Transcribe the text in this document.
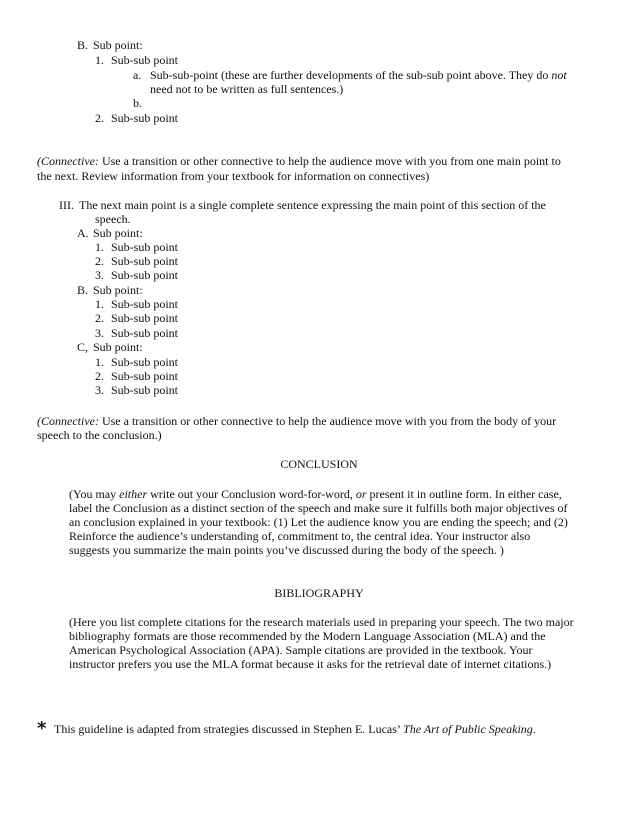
B. Sub point:
1. Sub-sub point
a. Sub-sub-point (these are further developments of the sub-sub point above. They do not
need not to be written as full sentences.)
b.
2. Sub-sub point
(Connective: Use a transition or other connective to help the audience move with you from one main point to
the next. Review information from your textbook for information on connectives)
III. The next main point is a single complete sentence expressing the main point of this section of the
speech.
A. Sub point:
1. Sub-sub point
2. Sub-sub point
3. Sub-sub point
B. Sub point:
1. Sub-sub point
2. Sub-sub point
3. Sub-sub point
C, Sub point:
1. Sub-sub point
2. Sub-sub point
3. Sub-sub point
(Connective: Use a transition or other connective to help the audience move with you from the body of your
speech to the conclusion.)
CONCLUSION
(You may either write out your Conclusion word-for-word, or present it in outline form. In either case,
label the Conclusion as a distinct section of the speech and make sure it fulfills both major objectives of
an conclusion explained in your textbook: (1) Let the audience know you are ending the speech; and (2)
Reinforce the audience’s understanding of, commitment to, the central idea. Your instructor also
suggests you summarize the main points you’ve discussed during the body of the speech. )
BIBLIOGRAPHY
(Here you list complete citations for the research materials used in preparing your speech. The two major
bibliography formats are those recommended by the Modern Language Association (MLA) and the
American Psychological Association (APA). Sample citations are provided in the textbook. Your
instructor prefers you use the MLA format because it asks for the retrieval date of internet citations.)
* This guideline is adapted from strategies discussed in Stephen E. Lucas’ The Art of Public Speaking.
